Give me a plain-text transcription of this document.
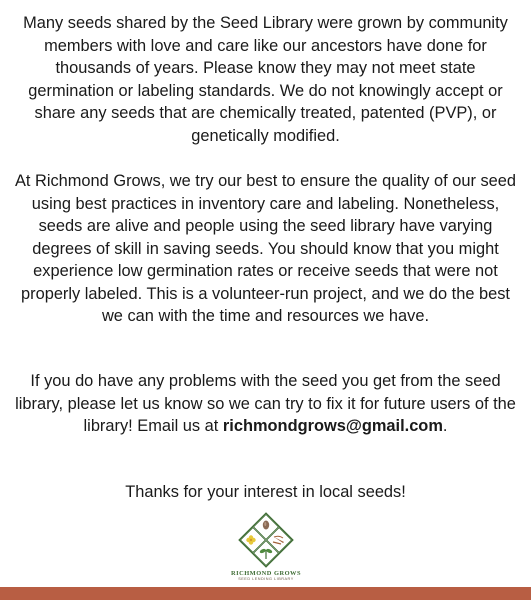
Many seeds shared by the Seed Library were grown by community members with love and care like our ancestors have done for thousands of years. Please know they may not meet state germination or labeling standards. We do not knowingly accept or share any seeds that are chemically treated, patented (PVP), or genetically modified.

At Richmond Grows, we try our best to ensure the quality of our seed using best practices in inventory care and labeling. Nonetheless, seeds are alive and people using the seed library have varying degrees of skill in saving seeds. You should know that you might experience low germination rates or receive seeds that were not properly labeled. This is a volunteer-run project, and we do the best we can with the time and resources we have.

If you do have any problems with the seed you get from the seed library, please let us know so we can try to fix it for future users of the library! Email us at richmondgrows@gmail.com.

Thanks for your interest in local seeds!

RICHMOND GROWS
SEED LENDING LIBRARY
